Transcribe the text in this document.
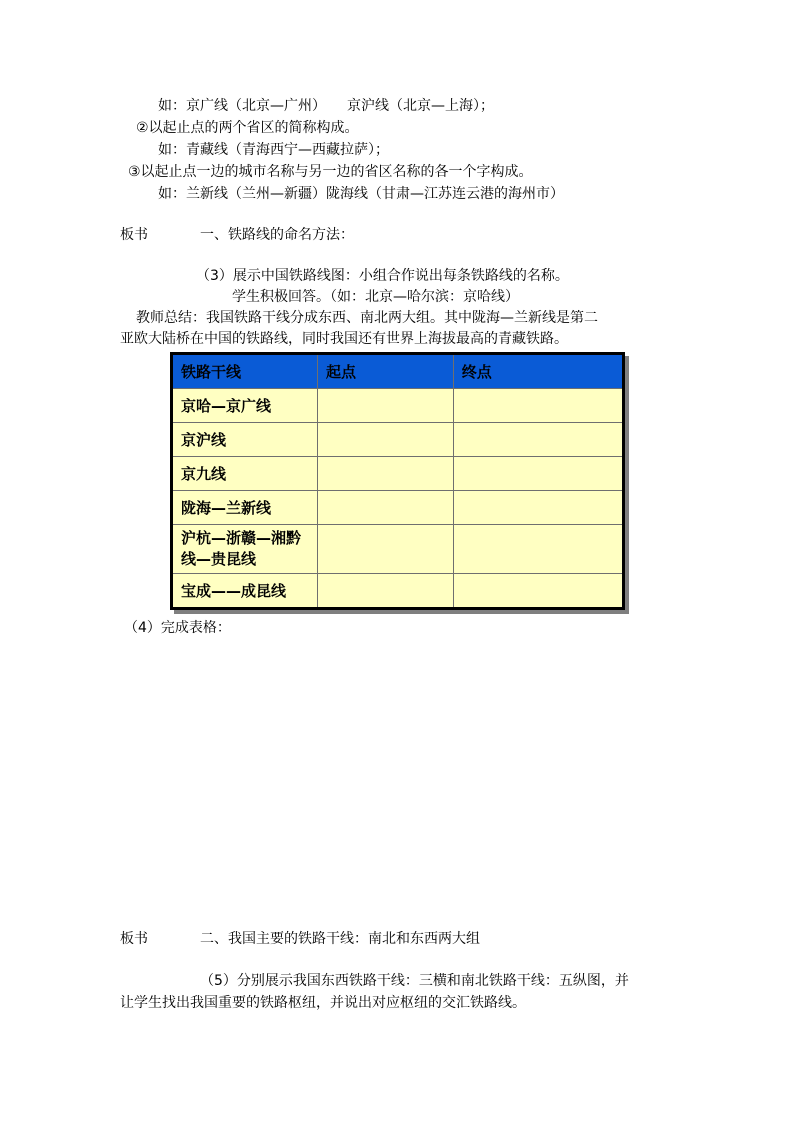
如：京广线（北京—广州）　　京沪线（北京—上海）；
②以起止点的两个省区的简称构成。
如：青藏线（青海西宁—西藏拉萨）；
③以起止点一边的城市名称与另一边的省区名称的各一个字构成。
如：兰新线（兰州—新疆）陇海线（甘肃—江苏连云港的海州市）
板书	一、铁路线的命名方法：
（3）展示中国铁路线图：小组合作说出每条铁路线的名称。
学生积极回答。（如：北京—哈尔滨：京哈线）
教师总结：我国铁路干线分成东西、南北两大组。其中陇海—兰新线是第二
亚欧大陆桥在中国的铁路线，同时我国还有世界上海拔最高的青藏铁路。
铁路干线	起点	终点
京哈—京广线		
京沪线		
京九线		
陇海—兰新线		

沪杭—浙赣—湘黔线—贵昆线		

宝成——成昆线		
（4）完成表格：
板书	二、我国主要的铁路干线：南北和东西两大组
（5）分别展示我国东西铁路干线：三横和南北铁路干线：五纵图，并
让学生找出我国重要的铁路枢纽，并说出对应枢纽的交汇铁路线。
